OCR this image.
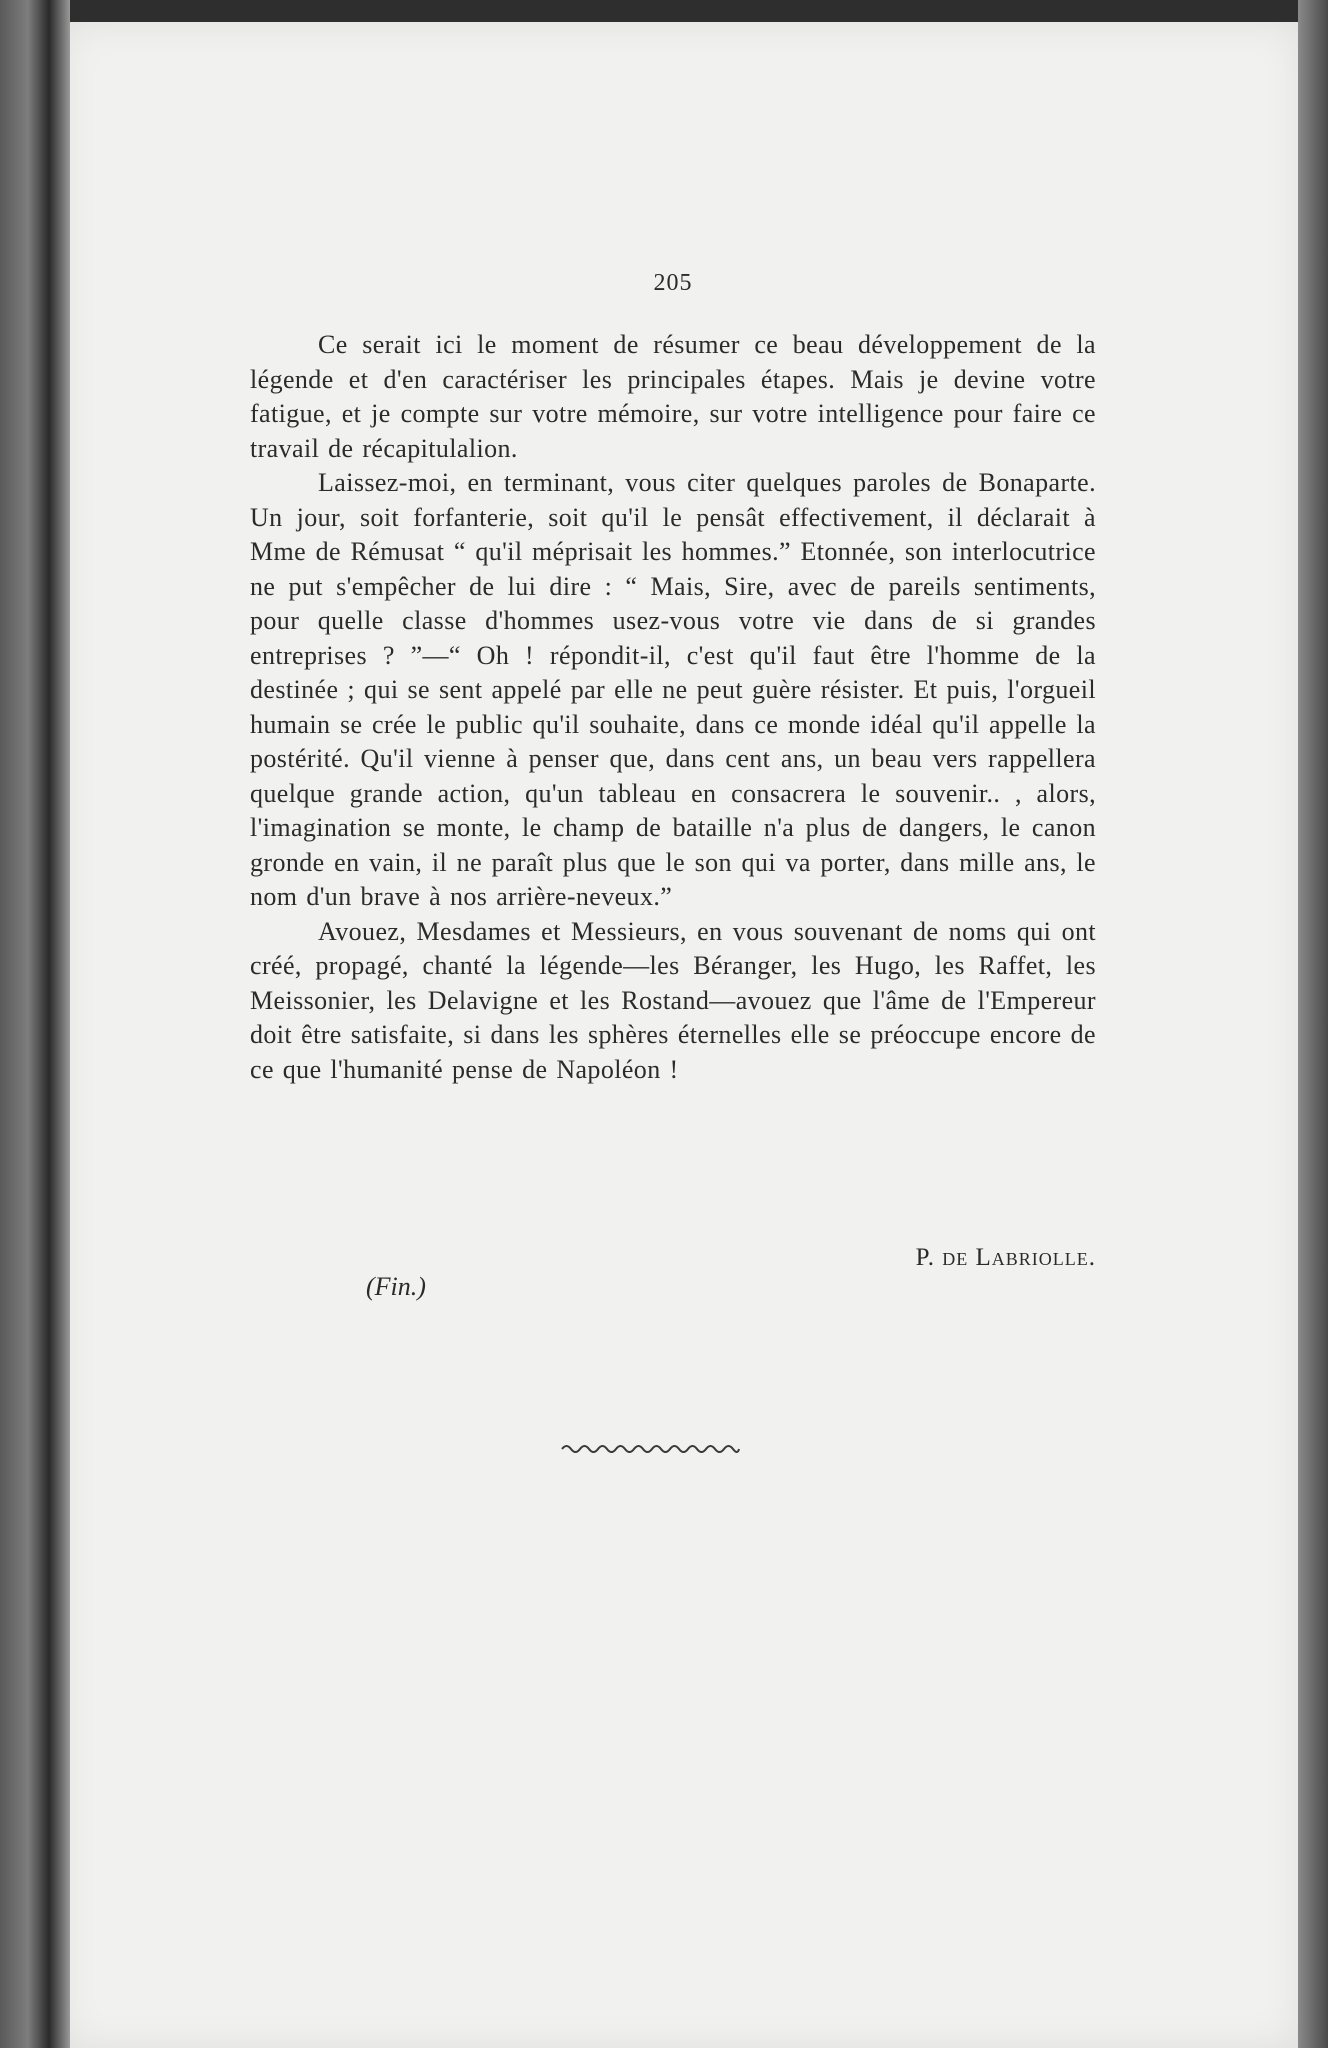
205

Ce serait ici le moment de résumer ce beau développement de la légende et d'en caractériser les principales étapes. Mais je devine votre fatigue, et je compte sur votre mémoire, sur votre intelligence pour faire ce travail de récapitulalion.

Laissez-moi, en terminant, vous citer quelques paroles de Bonaparte. Un jour, soit forfanterie, soit qu'il le pensât effectivement, il déclarait à Mme de Rémusat “ qu'il méprisait les hommes.” Etonnée, son interlocutrice ne put s'empêcher de lui dire : “ Mais, Sire, avec de pareils sentiments, pour quelle classe d'hommes usez-vous votre vie dans de si grandes entreprises ? ”—“ Oh ! répondit-il, c'est qu'il faut être l'homme de la destinée ; qui se sent appelé par elle ne peut guère résister. Et puis, l'orgueil humain se crée le public qu'il souhaite, dans ce monde idéal qu'il appelle la postérité. Qu'il vienne à penser que, dans cent ans, un beau vers rappellera quelque grande action, qu'un tableau en consacrera le souvenir.. , alors, l'imagination se monte, le champ de bataille n'a plus de dangers, le canon gronde en vain, il ne paraît plus que le son qui va porter, dans mille ans, le nom d'un brave à nos arrière-neveux.”

Avouez, Mesdames et Messieurs, en vous souvenant de noms qui ont créé, propagé, chanté la légende—les Béranger, les Hugo, les Raffet, les Meissonier, les Delavigne et les Rostand—avouez que l'âme de l'Empereur doit être satisfaite, si dans les sphères éternelles elle se préoccupe encore de ce que l'humanité pense de Napoléon !

P. de Labriolle.
(Fin.)
